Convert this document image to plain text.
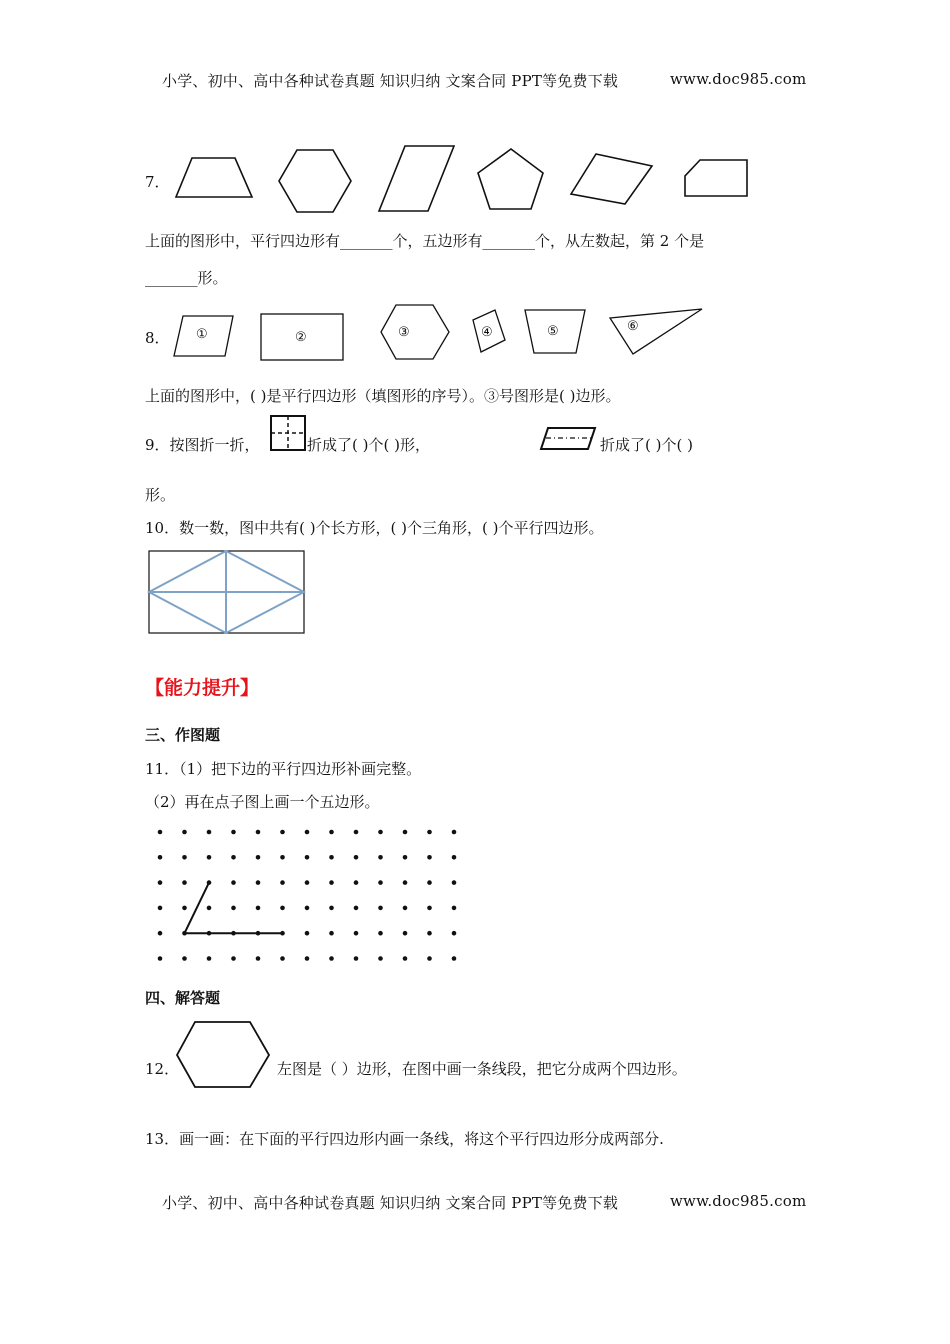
小学、初中、高中各种试卷真题 知识归纳 文案合同 PPT等免费下载	www.doc985.com
7．
上面的图形中，平行四边形有_______个，五边形有_______个，从左数起，第 2 个是
_______形。
8． ①	②	③	④	⑤	⑥
上面的图形中，( )是平行四边形（填图形的序号）。③号图形是( )边形。
9．按图折一折，	折成了( )个( )形，	折成了( )个( )
形。
10．数一数，图中共有( )个长方形，( )个三角形，( )个平行四边形。
【能力提升】
三、作图题
11．（1）把下边的平行四边形补画完整。
（2）再在点子图上画一个五边形。
四、解答题
12．	左图是（ ）边形，在图中画一条线段，把它分成两个四边形。
13．画一画：在下面的平行四边形内画一条线，将这个平行四边形分成两部分.
小学、初中、高中各种试卷真题 知识归纳 文案合同 PPT等免费下载	www.doc985.com
